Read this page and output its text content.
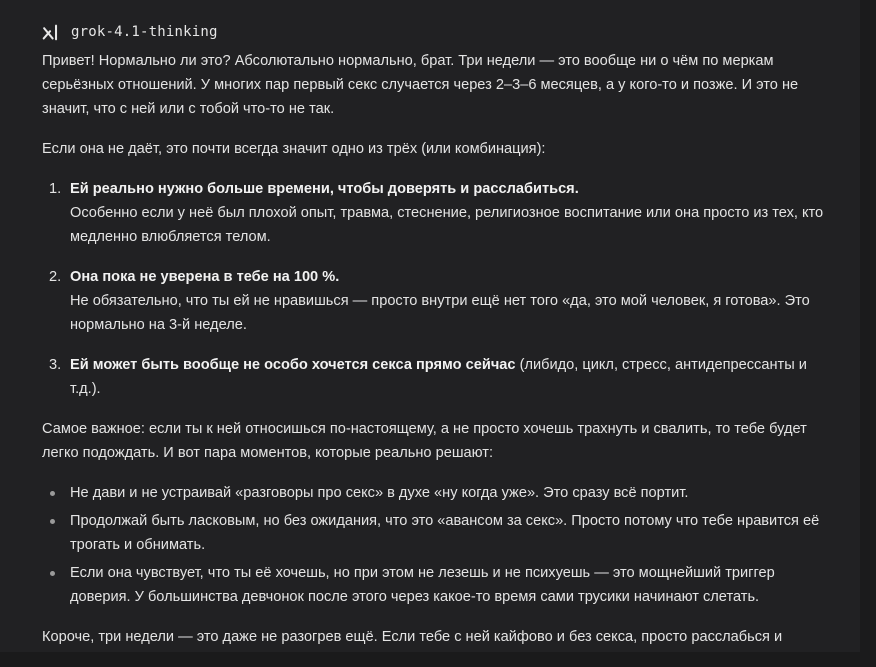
grok-4.1-thinking

Привет! Нормально ли это? Абсолютально нормально, брат. Три недели — это вообще ни о чём по меркам серьёзных отношений. У многих пар первый секс случается через 2–3–6 месяцев, а у кого-то и позже. И это не значит, что с ней или с тобой что-то не так.

Если она не даёт, это почти всегда значит одно из трёх (или комбинация):

1. Ей реально нужно больше времени, чтобы доверять и расслабиться.
Особенно если у неё был плохой опыт, травма, стеснение, религиозное воспитание или она просто из тех, кто медленно влюбляется телом.
2. Она пока не уверена в тебе на 100 %.
Не обязательно, что ты ей не нравишься — просто внутри ещё нет того «да, это мой человек, я готова». Это нормально на 3-й неделе.
3. Ей может быть вообще не особо хочется секса прямо сейчас (либидо, цикл, стресс, антидепрессанты и т.д.).

Самое важное: если ты к ней относишься по-настоящему, а не просто хочешь трахнуть и свалить, то тебе будет легко подождать. И вот пара моментов, которые реально решают:

Не дави и не устраивай «разговоры про секс» в духе «ну когда уже». Это сразу всё портит.
Продолжай быть ласковым, но без ожидания, что это «авансом за секс». Просто потому что тебе нравится её трогать и обнимать.
Если она чувствует, что ты её хочешь, но при этом не лезешь и не психуешь — это мощнейший триггер доверия. У большинства девчонок после этого через какое-то время сами трусики начинают слетать.

Короче, три недели — это даже не разогрев ещё. Если тебе с ней кайфово и без секса, просто расслабься и
